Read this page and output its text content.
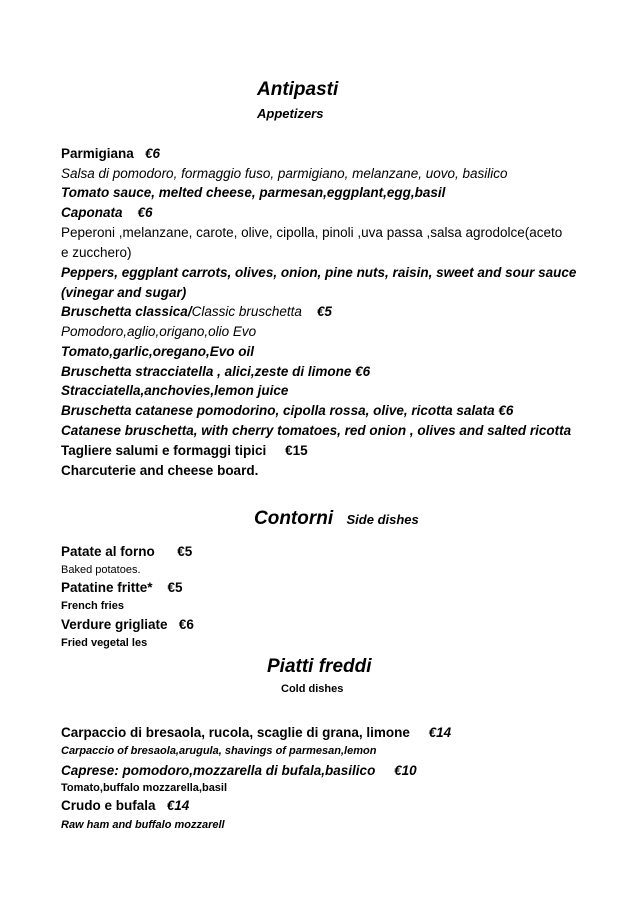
Antipasti
Appetizers
Parmigiana €6
Salsa di pomodoro, formaggio fuso, parmigiano, melanzane, uovo, basilico
Tomato sauce, melted cheese, parmesan,eggplant,egg,basil
Caponata €6
Peperoni ,melanzane, carote, olive, cipolla, pinoli ,uva passa ,salsa agrodolce(aceto
e zucchero)
Peppers, eggplant carrots, olives, onion, pine nuts, raisin, sweet and sour sauce
(vinegar and sugar)
Bruschetta classica/Classic bruschetta €5
Pomodoro,aglio,origano,olio Evo
Tomato,garlic,oregano,Evo oil
Bruschetta stracciatella , alici,zeste di limone €6
Stracciatella,anchovies,lemon juice
Bruschetta catanese pomodorino, cipolla rossa, olive, ricotta salata €6
Catanese bruschetta, with cherry tomatoes, red onion , olives and salted ricotta
Tagliere salumi e formaggi tipici €15
Charcuterie and cheese board.
Contorni Side dishes
Patate al forno €5
Baked potatoes.
Patatine fritte* €5
French fries
Verdure grigliate €6
Fried vegetal les
Piatti freddi
Cold dishes
Carpaccio di bresaola, rucola, scaglie di grana, limone €14
Carpaccio of bresaola,arugula, shavings of parmesan,lemon
Caprese: pomodoro,mozzarella di bufala,basilico €10
Tomato,buffalo mozzarella,basil
Crudo e bufala €14
Raw ham and buffalo mozzarell
